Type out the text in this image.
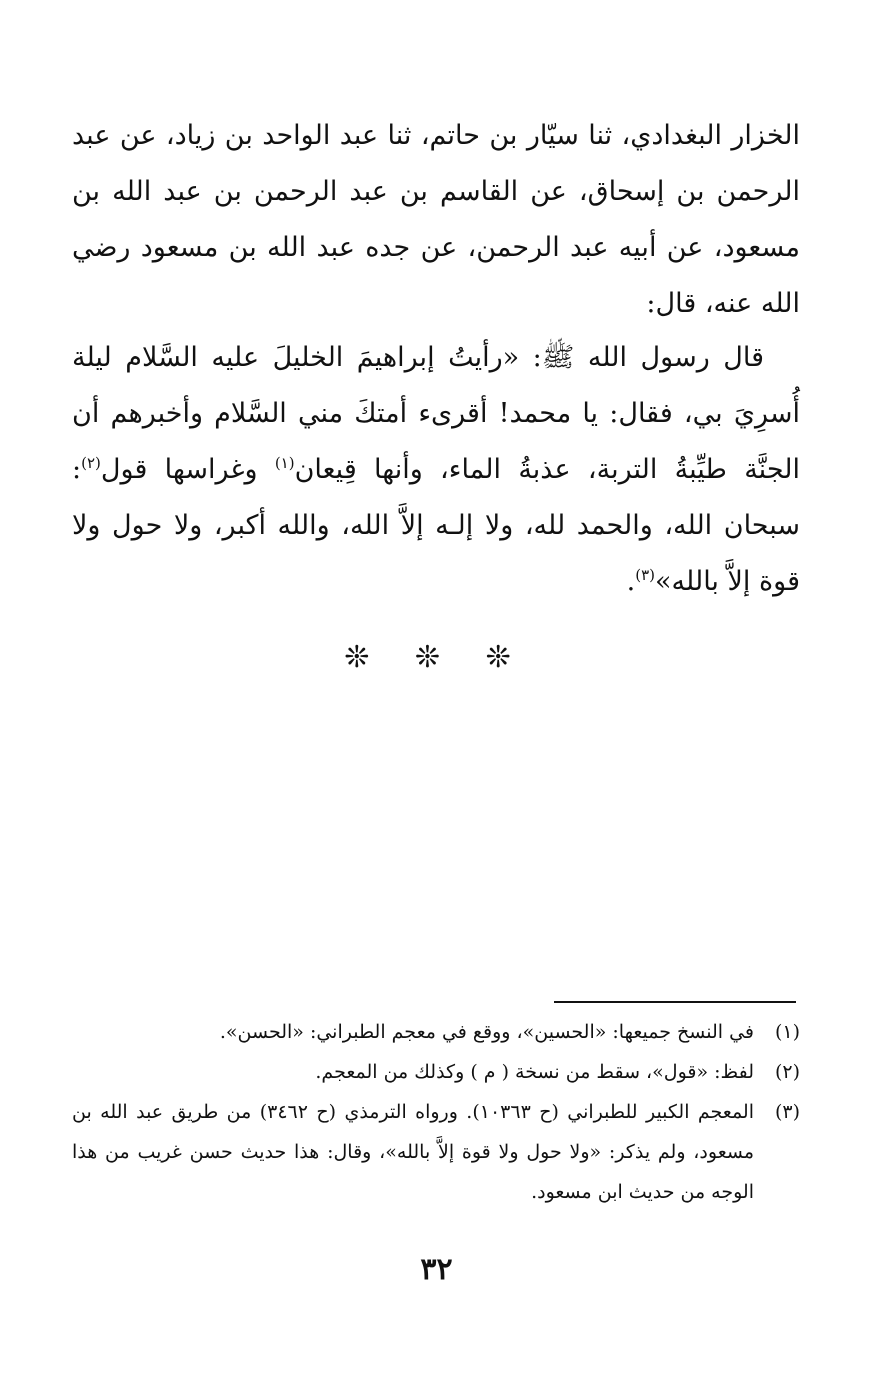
الخزار البغدادي، ثنا سيّار بن حاتم، ثنا عبد الواحد بن زياد، عن عبد الرحمن بن إسحاق، عن القاسم بن عبد الرحمن بن عبد الله بن مسعود، عن أبيه عبد الرحمن، عن جده عبد الله بن مسعود رضي الله عنه، قال:

قال رسول الله ﷺ: «رأيتُ إبراهيمَ الخليلَ عليه السَّلام ليلة أُسرِيَ بي، فقال: يا محمد! أقرىء أمتكَ مني السَّلام وأخبرهم أن الجنَّة طيِّبةُ التربة، عذبةُ الماء، وأنها قِيعان$^{(١)}$ وغراسها قول$^{(٢)}$: سبحان الله، والحمد لله، ولا إلـه إلاَّ الله، والله أكبر، ولا حول ولا قوة إلاَّ بالله»$^{(٣)}$.

❊ ❊ ❊
(١)
في النسخ جميعها: «الحسين»، ووقع في معجم الطبراني: «الحسن».
(٢)
لفظ: «قول»، سقط من نسخة ( م ) وكذلك من المعجم.
(٣)
المعجم الكبير للطبراني (ح ١٠٣٦٣). ورواه الترمذي (ح ٣٤٦٢) من طريق عبد الله بن مسعود، ولم يذكر: «ولا حول ولا قوة إلاَّ بالله»، وقال: هذا حديث حسن غريب من هذا الوجه من حديث ابن مسعود.
٣٢
